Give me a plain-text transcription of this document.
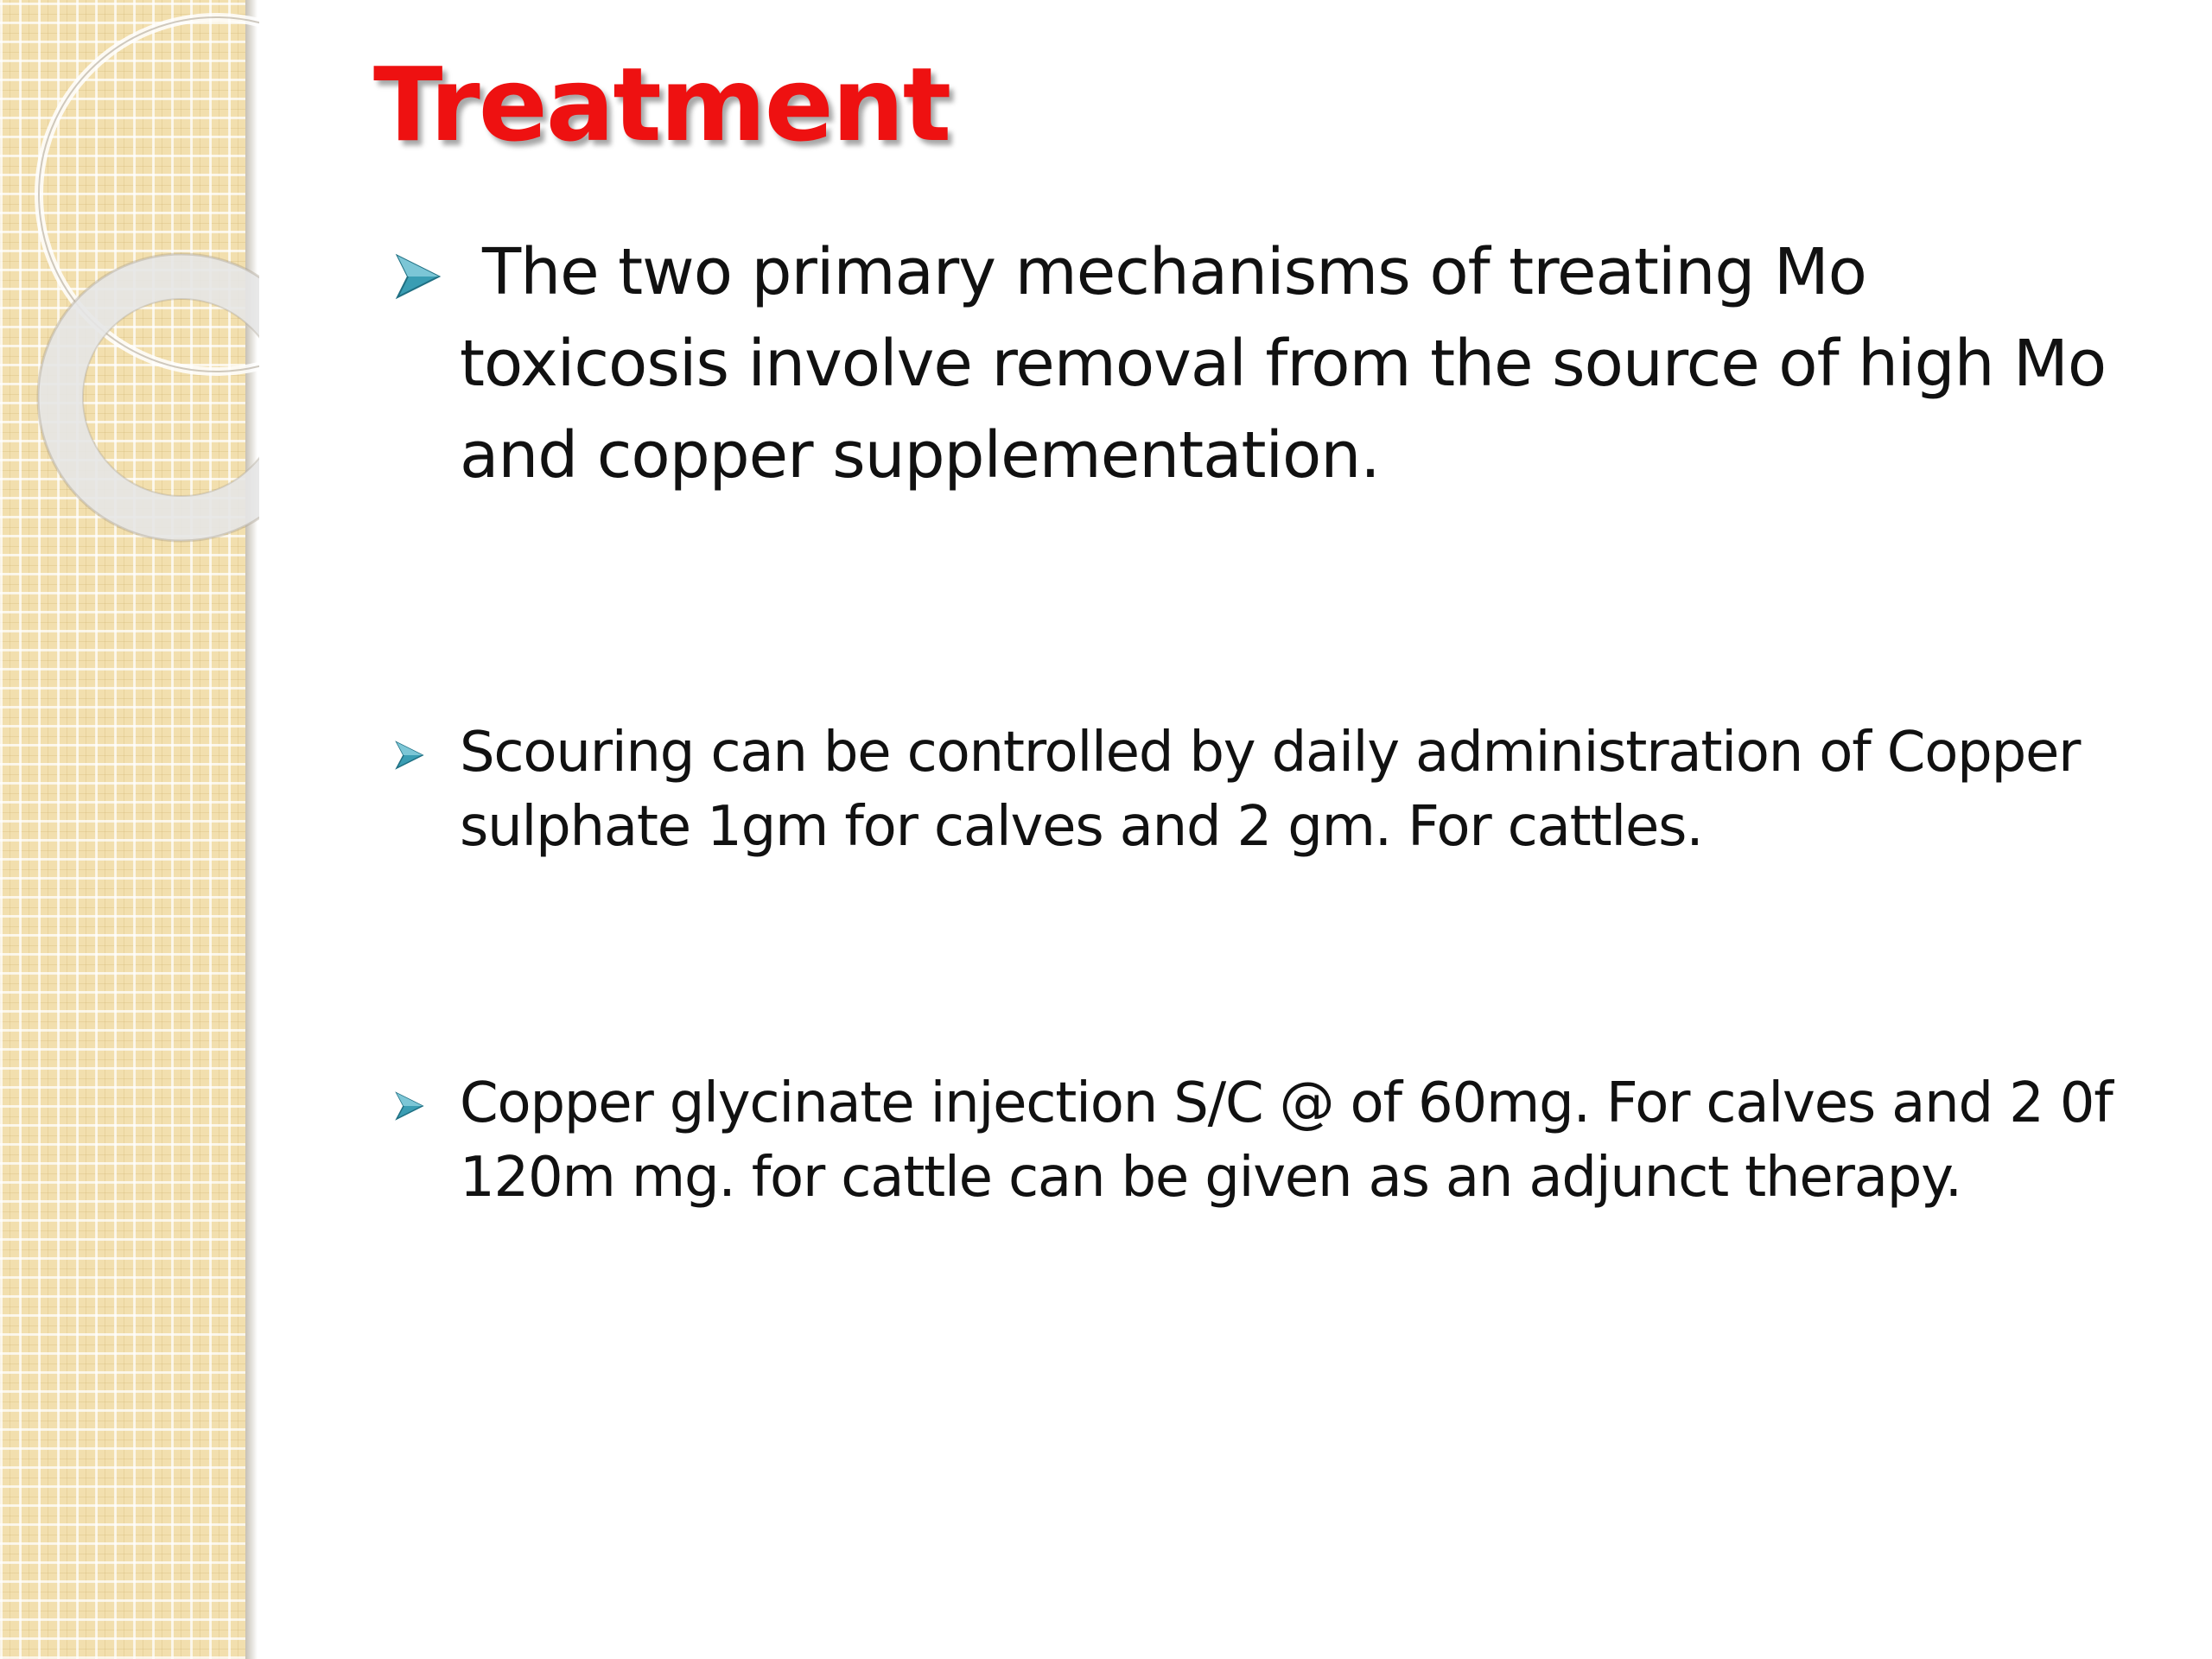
Treatment
The two primary mechanisms of treating Mo toxicosis involve removal from the source of high Mo and copper supplementation.
Scouring can be controlled by daily administration of Copper sulphate 1gm for calves and 2 gm. For cattles.
Copper glycinate injection S/C @ of 60mg. For calves and 2 0f 120m mg. for cattle can be given as an adjunct therapy.
